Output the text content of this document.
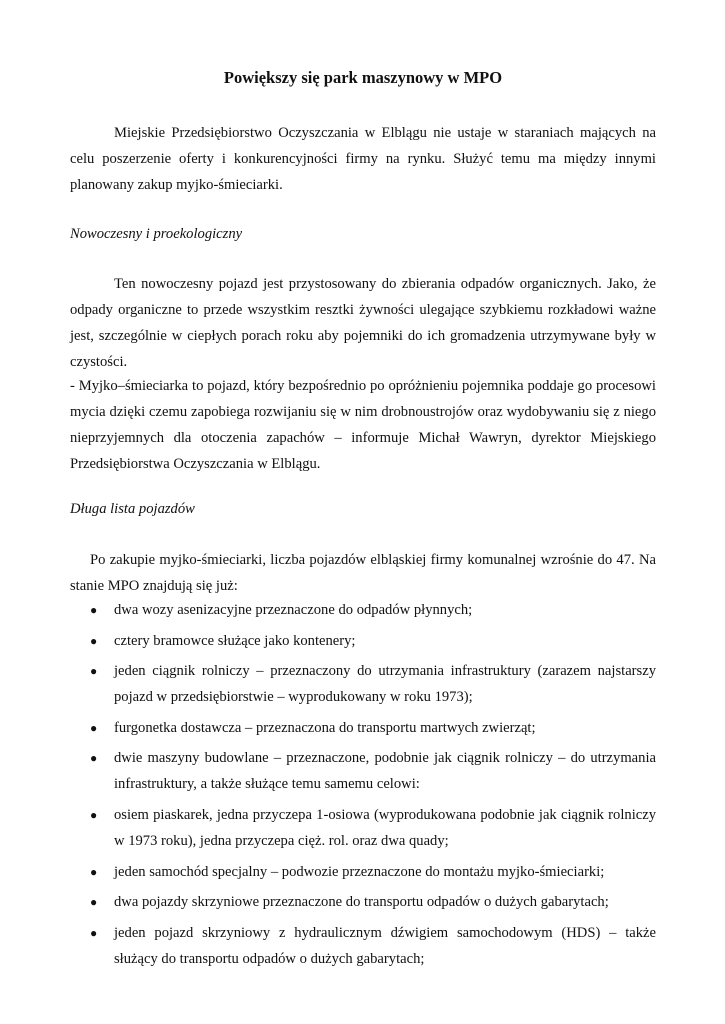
Powiększy się park maszynowy w MPO

Miejskie Przedsiębiorstwo Oczyszczania w Elblągu nie ustaje w staraniach mających na celu poszerzenie oferty i konkurencyjności firmy na rynku. Służyć temu ma między innymi planowany zakup myjko-śmieciarki.

Nowoczesny i proekologiczny

Ten nowoczesny pojazd jest przystosowany do zbierania odpadów organicznych. Jako, że odpady organiczne to przede wszystkim resztki żywności ulegające szybkiemu rozkładowi ważne jest, szczególnie w ciepłych porach roku aby pojemniki do ich gromadzenia utrzymywane były w czystości.

- Myjko–śmieciarka to pojazd, który bezpośrednio po opróżnieniu pojemnika poddaje go procesowi mycia dzięki czemu zapobiega rozwijaniu się w nim drobnoustrojów oraz wydobywaniu się z niego nieprzyjemnych dla otoczenia zapachów – informuje Michał Wawryn, dyrektor Miejskiego Przedsiębiorstwa Oczyszczania w Elblągu.

Długa lista pojazdów

Po zakupie myjko-śmieciarki, liczba pojazdów elbląskiej firmy komunalnej wzrośnie do 47. Na stanie MPO znajdują się już:

● dwa wozy asenizacyjne przeznaczone do odpadów płynnych;
● cztery bramowce służące jako kontenery;
● jeden ciągnik rolniczy – przeznaczony do utrzymania infrastruktury (zarazem najstarszy pojazd w przedsiębiorstwie – wyprodukowany w roku 1973);
● furgonetka dostawcza – przeznaczona do transportu martwych zwierząt;
● dwie maszyny budowlane – przeznaczone, podobnie jak ciągnik rolniczy – do utrzymania infrastruktury, a także służące temu samemu celowi:
● osiem piaskarek, jedna przyczepa 1-osiowa (wyprodukowana podobnie jak ciągnik rolniczy w 1973 roku), jedna przyczepa cięż. rol. oraz dwa quady;
● jeden samochód specjalny – podwozie przeznaczone do montażu myjko-śmieciarki;
● dwa pojazdy skrzyniowe przeznaczone do transportu odpadów o dużych gabarytach;
● jeden pojazd skrzyniowy z hydraulicznym dźwigiem samochodowym (HDS) – także służący do transportu odpadów o dużych gabarytach;
